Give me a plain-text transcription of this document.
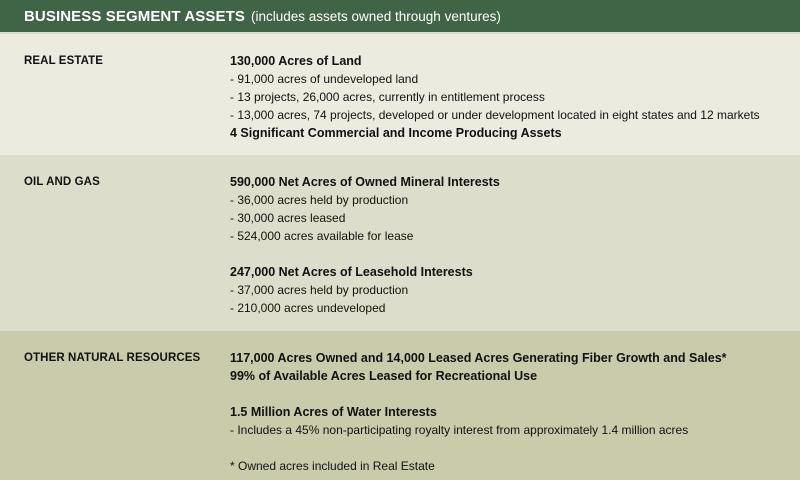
BUSINESS SEGMENT ASSETS (includes assets owned through ventures)
REAL ESTATE	130,000 Acres of Land
- 91,000 acres of undeveloped land
- 13 projects, 26,000 acres, currently in entitlement process
- 13,000 acres, 74 projects, developed or under development located in eight states and 12 markets
4 Significant Commercial and Income Producing Assets
OIL AND GAS	590,000 Net Acres of Owned Mineral Interests
- 36,000 acres held by production
- 30,000 acres leased
- 524,000 acres available for lease
247,000 Net Acres of Leasehold Interests
- 37,000 acres held by production
- 210,000 acres undeveloped
OTHER NATURAL RESOURCES	117,000 Acres Owned and 14,000 Leased Acres Generating Fiber Growth and Sales*
99% of Available Acres Leased for Recreational Use
1.5 Million Acres of Water Interests
- Includes a 45% non-participating royalty interest from approximately 1.4 million acres
* Owned acres included in Real Estate
